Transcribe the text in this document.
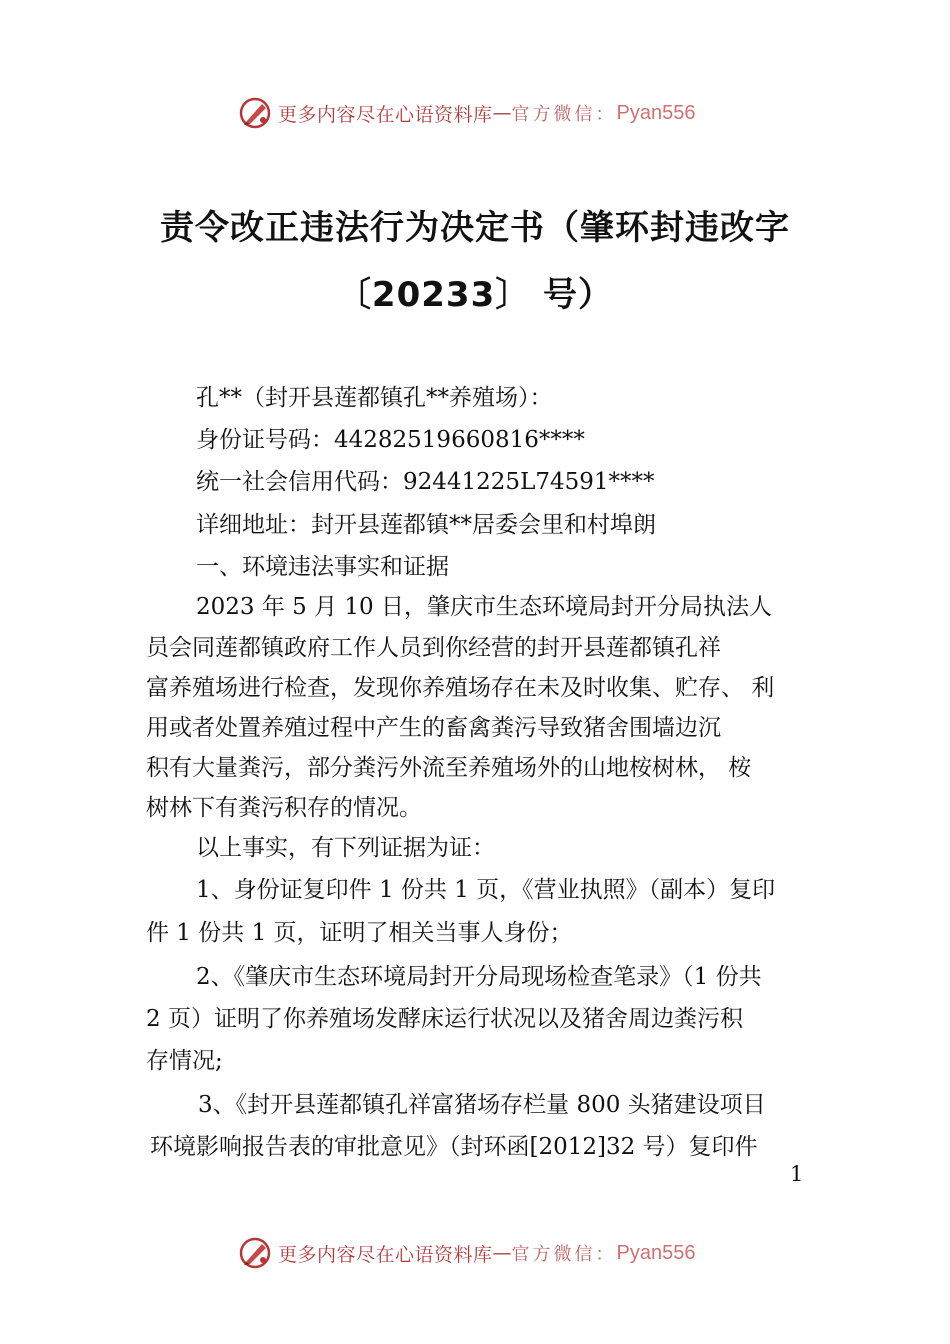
更多内容尽在心语资料库 — 官方微信： Pyan556
责令改正违法行为决定书（肇环封违改字
〔20233〕 号）
孔**（封开县莲都镇孔**养殖场）：
身份证号码：44282519660816****
统一社会信用代码：92441225L74591****
详细地址：封开县莲都镇**居委会里和村埠朗
一、环境违法事实和证据
2023 年 5 月 10 日，肇庆市生态环境局封开分局执法人
员会同莲都镇政府工作人员到你经营的封开县莲都镇孔祥
富养殖场进行检查，发现你养殖场存在未及时收集、贮存、 利
用或者处置养殖过程中产生的畜禽粪污导致猪舍围墙边沉
积有大量粪污，部分粪污外流至养殖场外的山地桉树林， 桉
树林下有粪污积存的情况。
以上事实，有下列证据为证：
1、身份证复印件 1 份共 1 页，《营业执照》（副本）复印
件 1 份共 1 页，证明了相关当事人身份；
2、《肇庆市生态环境局封开分局现场检查笔录》（1 份共
2 页）证明了你养殖场发酵床运行状况以及猪舍周边粪污积
存情况;
3、《封开县莲都镇孔祥富猪场存栏量 800 头猪建设项目
环境影响报告表的审批意见》（封环函[2012]32 号）复印件
1
更多内容尽在心语资料库 — 官方微信： Pyan556
